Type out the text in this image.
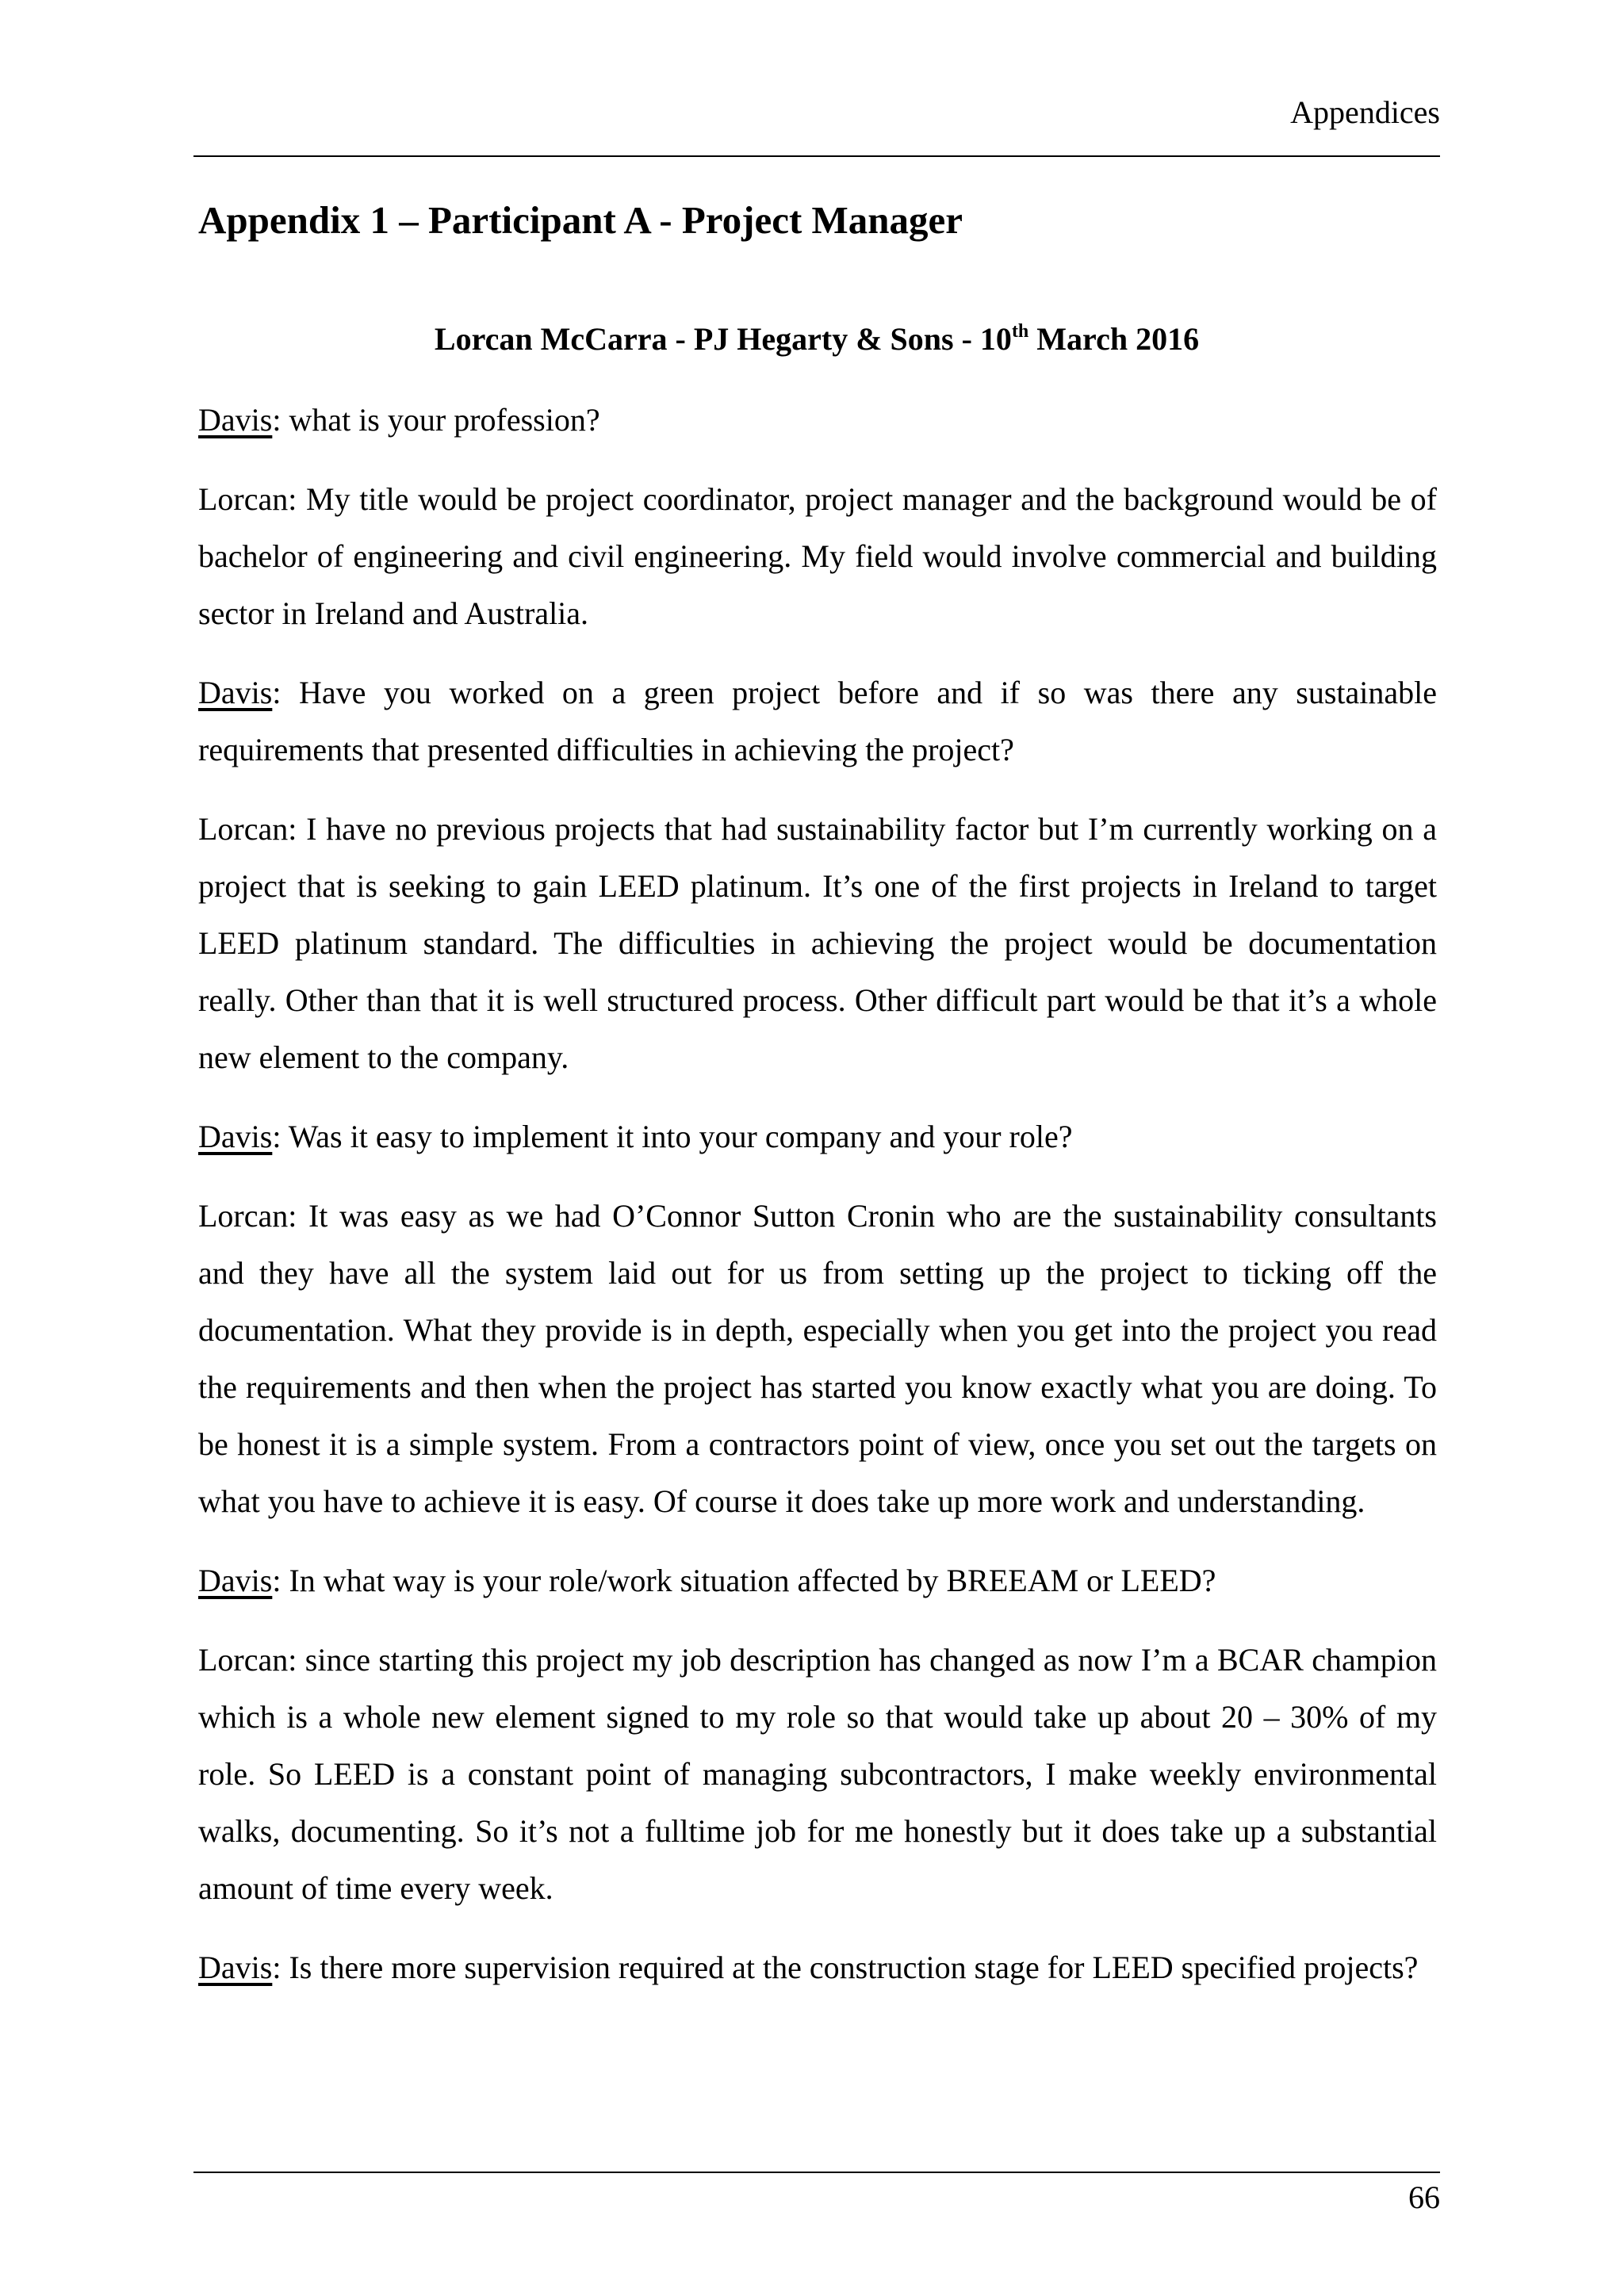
Appendices
Appendix 1 – Participant A - Project Manager

Lorcan McCarra - PJ Hegarty & Sons - 10th March 2016

Davis: what is your profession?

Lorcan: My title would be project coordinator, project manager and the background would be of bachelor of engineering and civil engineering. My field would involve commercial and building sector in Ireland and Australia.

Davis: Have you worked on a green project before and if so was there any sustainable requirements that presented difficulties in achieving the project?

Lorcan: I have no previous projects that had sustainability factor but I’m currently working on a project that is seeking to gain LEED platinum. It’s one of the first projects in Ireland to target LEED platinum standard. The difficulties in achieving the project would be documentation really. Other than that it is well structured process. Other difficult part would be that it’s a whole new element to the company.

Davis: Was it easy to implement it into your company and your role?

Lorcan: It was easy as we had O’Connor Sutton Cronin who are the sustainability consultants and they have all the system laid out for us from setting up the project to ticking off the documentation. What they provide is in depth, especially when you get into the project you read the requirements and then when the project has started you know exactly what you are doing. To be honest it is a simple system. From a contractors point of view, once you set out the targets on what you have to achieve it is easy. Of course it does take up more work and understanding.

Davis: In what way is your role/work situation affected by BREEAM or LEED?

Lorcan: since starting this project my job description has changed as now I’m a BCAR champion which is a whole new element signed to my role so that would take up about 20 – 30% of my role. So LEED is a constant point of managing subcontractors, I make weekly environmental walks, documenting. So it’s not a fulltime job for me honestly but it does take up a substantial amount of time every week.

Davis: Is there more supervision required at the construction stage for LEED specified projects?

66
